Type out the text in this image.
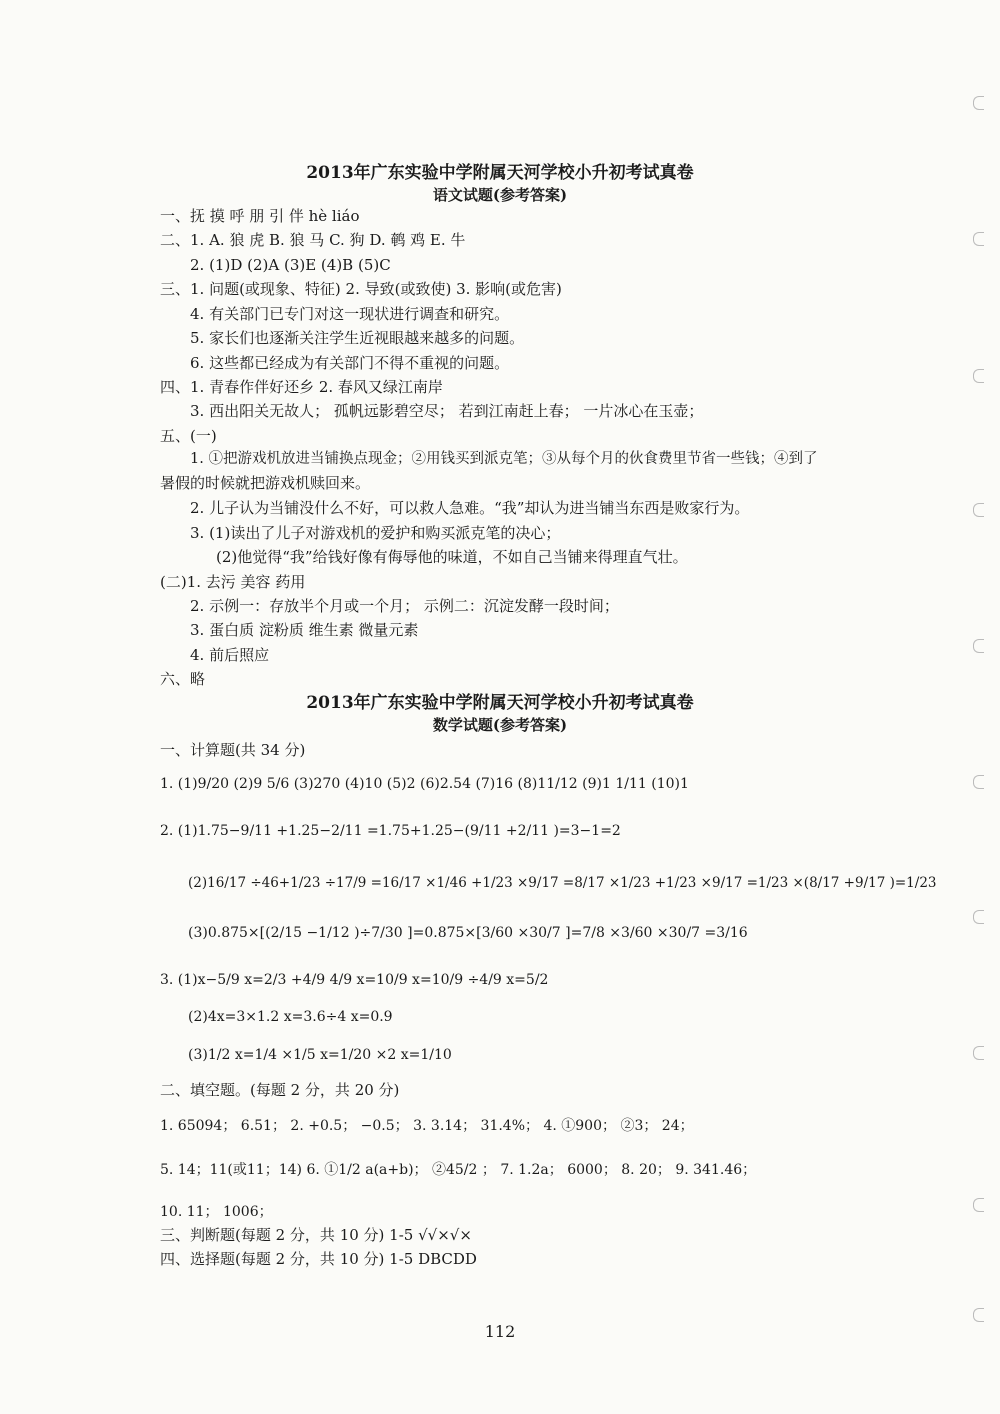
2013年广东实验中学附属天河学校小升初考试真卷
语文试题(参考答案)
一、抚 摸 呼 朋 引 伴 hè liáo
二、1. A. 狼 虎 B. 狼 马 C. 狗 D. 鹌 鸡 E. 牛
2. (1)D (2)A (3)E (4)B (5)C
三、1. 问题(或现象、特征) 2. 导致(或致使) 3. 影响(或危害)
4. 有关部门已专门对这一现状进行调查和研究。
5. 家长们也逐渐关注学生近视眼越来越多的问题。
6. 这些都已经成为有关部门不得不重视的问题。
四、1. 青春作伴好还乡 2. 春风又绿江南岸
3. 西出阳关无故人； 孤帆远影碧空尽； 若到江南赶上春； 一片冰心在玉壶；
五、(一)
1. ①把游戏机放进当铺换点现金；②用钱买到派克笔；③从每个月的伙食费里节省一些钱；④到了
暑假的时候就把游戏机赎回来。
2. 儿子认为当铺没什么不好，可以救人急难。“我”却认为进当铺当东西是败家行为。
3. (1)读出了儿子对游戏机的爱护和购买派克笔的决心；
(2)他觉得“我”给钱好像有侮辱他的味道，不如自己当铺来得理直气壮。
(二)1. 去污 美容 药用
2. 示例一：存放半个月或一个月； 示例二：沉淀发酵一段时间；
3. 蛋白质 淀粉质 维生素 微量元素
4. 前后照应
六、略
2013年广东实验中学附属天河学校小升初考试真卷
数学试题(参考答案)
一、计算题(共 34 分)
1. (1)9/20 (2)9 5/6 (3)270 (4)10 (5)2 (6)2.54 (7)16 (8)11/12 (9)1 1/11 (10)1
2. (1)1.75−9/11 +1.25−2/11 =1.75+1.25−(9/11 +2/11 )=3−1=2
(2)16/17 ÷46+1/23 ÷17/9 =16/17 ×1/46 +1/23 ×9/17 =8/17 ×1/23 +1/23 ×9/17 =1/23 ×(8/17 +9/17 )=1/23
(3)0.875×[(2/15 −1/12 )÷7/30 ]=0.875×[3/60 ×30/7 ]=7/8 ×3/60 ×30/7 =3/16
3. (1)x−5/9 x=2/3 +4/9 4/9 x=10/9 x=10/9 ÷4/9 x=5/2
(2)4x=3×1.2 x=3.6÷4 x=0.9
(3)1/2 x=1/4 ×1/5 x=1/20 ×2 x=1/10
二、填空题。(每题 2 分，共 20 分)
1. 65094； 6.51； 2. +0.5； −0.5； 3. 3.14̇； 31.4%； 4. ①900； ②3； 24；
5. 14；11(或11；14) 6. ①1/2 a(a+b)； ②45/2 ； 7. 1.2a； 6000； 8. 20； 9. 341.46；
10. 11； 1006；
三、判断题(每题 2 分，共 10 分) 1-5 √√×√×
四、选择题(每题 2 分，共 10 分) 1-5 DBCDD
112
